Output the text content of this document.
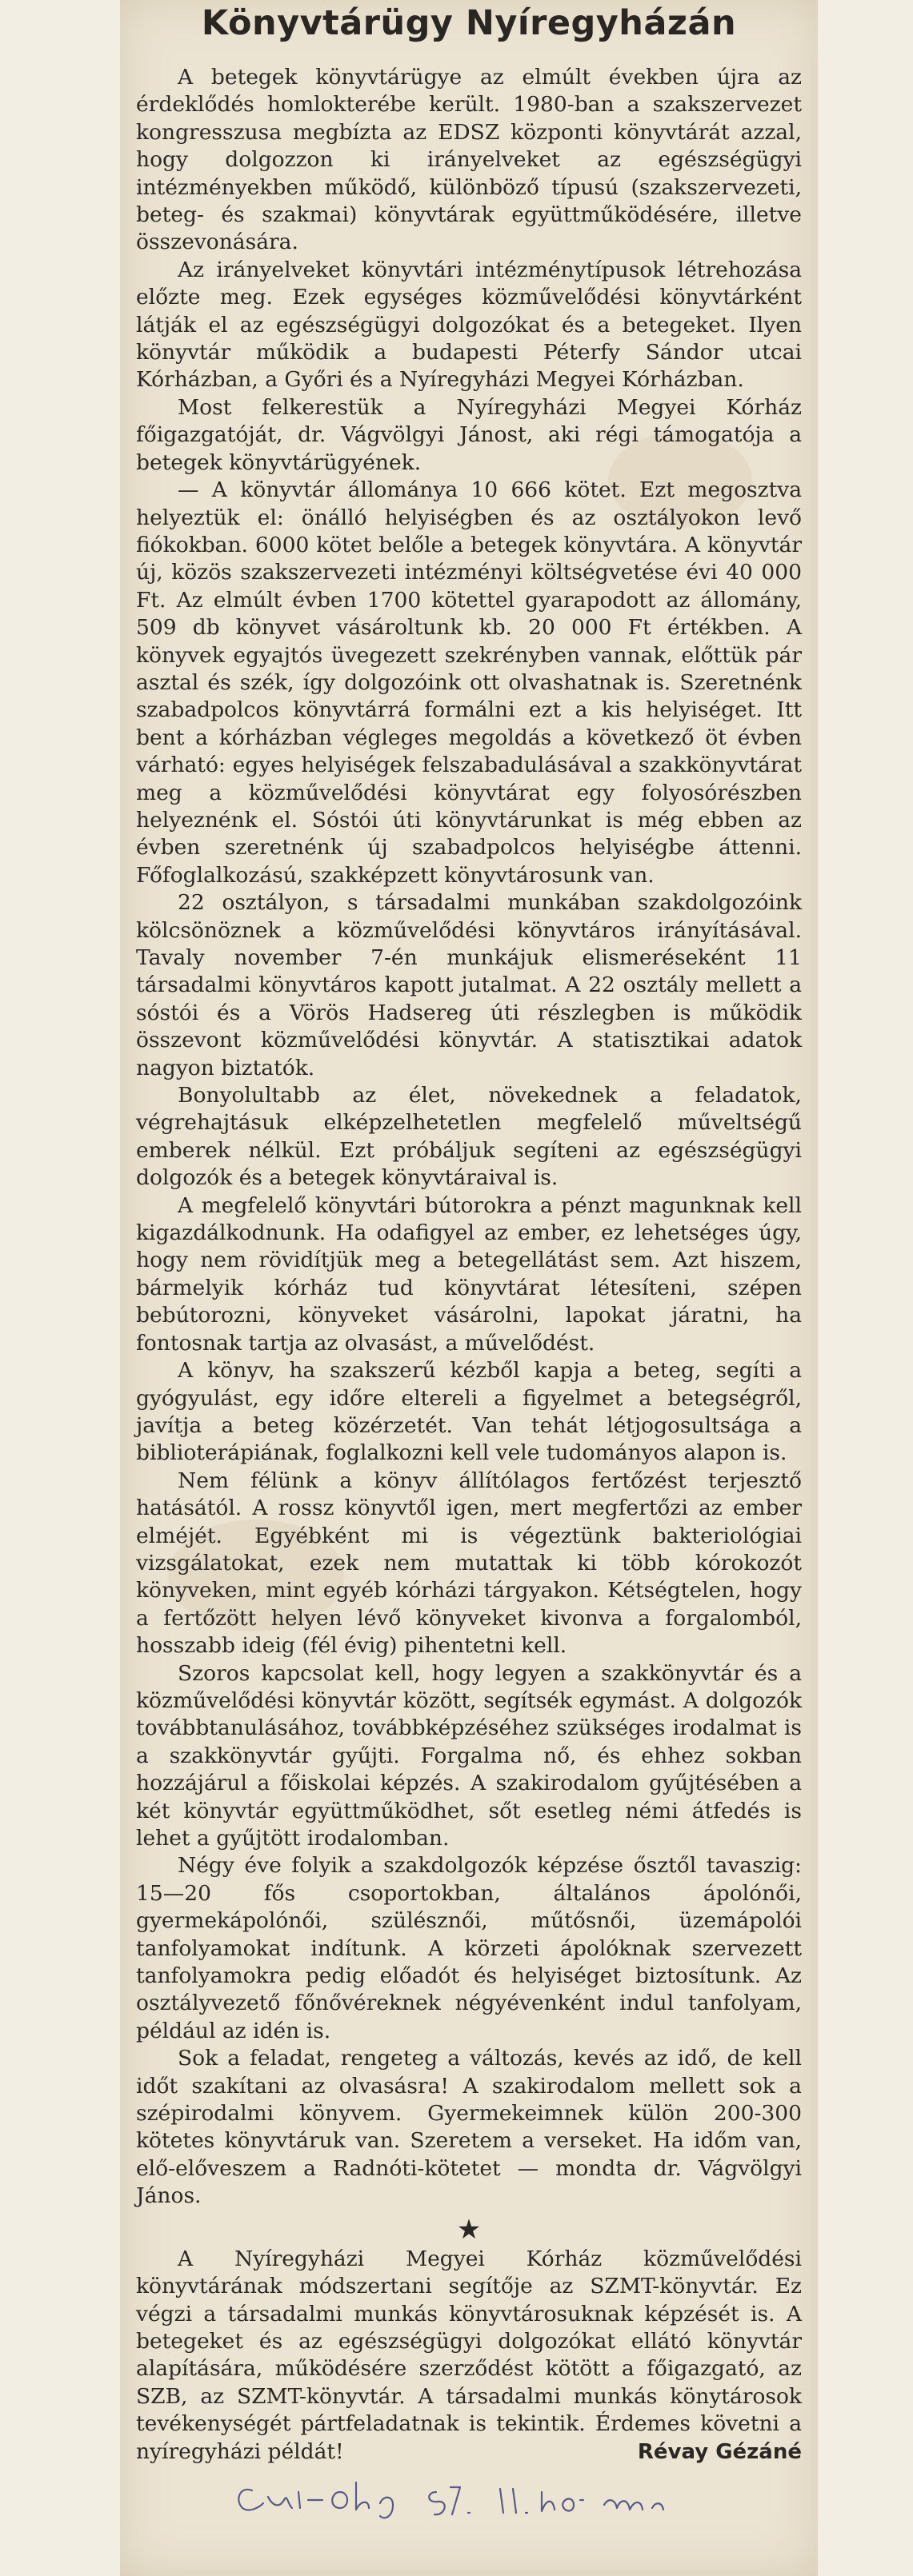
Könyvtárügy Nyíregyházán

A betegek könyvtárügye az elmúlt években újra az érdeklődés homlokterébe került. 1980-ban a szakszervezet kongresszusa megbízta az EDSZ központi könyvtárát azzal, hogy dolgozzon ki irányelveket az egészségügyi intézményekben működő, különböző típusú (szakszervezeti, beteg- és szakmai) könyvtárak együttműködésére, illetve összevonására.

Az irányelveket könyvtári intézménytípusok létrehozása előzte meg. Ezek egységes közművelődési könyvtárként látják el az egészségügyi dolgozókat és a betegeket. Ilyen könyvtár működik a budapesti Péterfy Sándor utcai Kórházban, a Győri és a Nyíregyházi Megyei Kórházban.

Most felkerestük a Nyíregyházi Megyei Kórház főigazgatóját, dr. Vágvölgyi Jánost, aki régi támogatója a betegek könyvtárügyének.

— A könyvtár állománya 10 666 kötet. Ezt megosztva helyeztük el: önálló helyiségben és az osztályokon levő fiókokban. 6000 kötet belőle a betegek könyvtára. A könyvtár új, közös szakszervezeti intézményi költségvetése évi 40 000 Ft. Az elmúlt évben 1700 kötettel gyarapodott az állomány, 509 db könyvet vásároltunk kb. 20 000 Ft értékben. A könyvek egyajtós üvegezett szekrényben vannak, előttük pár asztal és szék, így dolgozóink ott olvashatnak is. Szeretnénk szabadpolcos könyvtárrá formálni ezt a kis helyiséget. Itt bent a kórházban végleges megoldás a következő öt évben várható: egyes helyiségek felszabadulásával a szakkönyvtárat meg a közművelődési könyvtárat egy folyosórészben helyeznénk el. Sóstói úti könyvtárunkat is még ebben az évben szeretnénk új szabadpolcos helyiségbe áttenni. Főfoglalkozású, szakképzett könyvtárosunk van.

22 osztályon, s társadalmi munkában szakdolgozóink kölcsönöznek a közművelődési könyvtáros irányításával. Tavaly november 7-én munkájuk elismeréseként 11 társadalmi könyvtáros kapott jutalmat. A 22 osztály mellett a sóstói és a Vörös Hadsereg úti részlegben is működik összevont közművelődési könyvtár. A statisztikai adatok nagyon biztatók.

Bonyolultabb az élet, növekednek a feladatok, végrehajtásuk elképzelhetetlen megfelelő műveltségű emberek nélkül. Ezt próbáljuk segíteni az egészségügyi dolgozók és a betegek könyvtáraival is.

A megfelelő könyvtári bútorokra a pénzt magunknak kell kigazdálkodnunk. Ha odafigyel az ember, ez lehetséges úgy, hogy nem rövidítjük meg a betegellátást sem. Azt hiszem, bármelyik kórház tud könyvtárat létesíteni, szépen bebútorozni, könyveket vásárolni, lapokat járatni, ha fontosnak tartja az olvasást, a művelődést.

A könyv, ha szakszerű kézből kapja a beteg, segíti a gyógyulást, egy időre eltereli a figyelmet a betegségről, javítja a beteg közérzetét. Van tehát létjogosultsága a biblioterápiának, foglalkozni kell vele tudományos alapon is.

Nem félünk a könyv állítólagos fertőzést terjesztő hatásától. A rossz könyvtől igen, mert megfertőzi az ember elméjét. Egyébként mi is végeztünk bakteriológiai vizsgálatokat, ezek nem mutattak ki több kórokozót könyveken, mint egyéb kórházi tárgyakon. Kétségtelen, hogy a fertőzött helyen lévő könyveket kivonva a forgalomból, hosszabb ideig (fél évig) pihentetni kell.

Szoros kapcsolat kell, hogy legyen a szakkönyvtár és a közművelődési könyvtár között, segítsék egymást. A dolgozók továbbtanulásához, továbbképzéséhez szükséges irodalmat is a szakkönyvtár gyűjti. Forgalma nő, és ehhez sokban hozzájárul a főiskolai képzés. A szakirodalom gyűjtésében a két könyvtár együttműködhet, sőt esetleg némi átfedés is lehet a gyűjtött irodalomban.

Négy éve folyik a szakdolgozók képzése ősztől tavaszig: 15—20 fős csoportokban, általános ápolónői, gyermekápolónői, szülésznői, műtősnői, üzemápolói tanfolyamokat indítunk. A körzeti ápolóknak szervezett tanfolyamokra pedig előadót és helyiséget biztosítunk. Az osztályvezető főnővéreknek négyévenként indul tanfolyam, például az idén is.

Sok a feladat, rengeteg a változás, kevés az idő, de kell időt szakítani az olvasásra! A szakirodalom mellett sok a szépirodalmi könyvem. Gyermekeimnek külön 200-300 kötetes könyvtáruk van. Szeretem a verseket. Ha időm van, elő-előveszem a Radnóti-kötetet — mondta dr. Vágvölgyi János.

★

A Nyíregyházi Megyei Kórház közművelődési könyvtárának módszertani segítője az SZMT-könyvtár. Ez végzi a társadalmi munkás könyvtárosuknak képzését is. A betegeket és az egészségügyi dolgozókat ellátó könyvtár alapítására, működésére szerződést kötött a főigazgató, az SZB, az SZMT-könyvtár. A társadalmi munkás könytárosok tevékenységét pártfeladatnak is tekintik. Érdemes követni a nyíregyházi példát!	Révay Gézáné
